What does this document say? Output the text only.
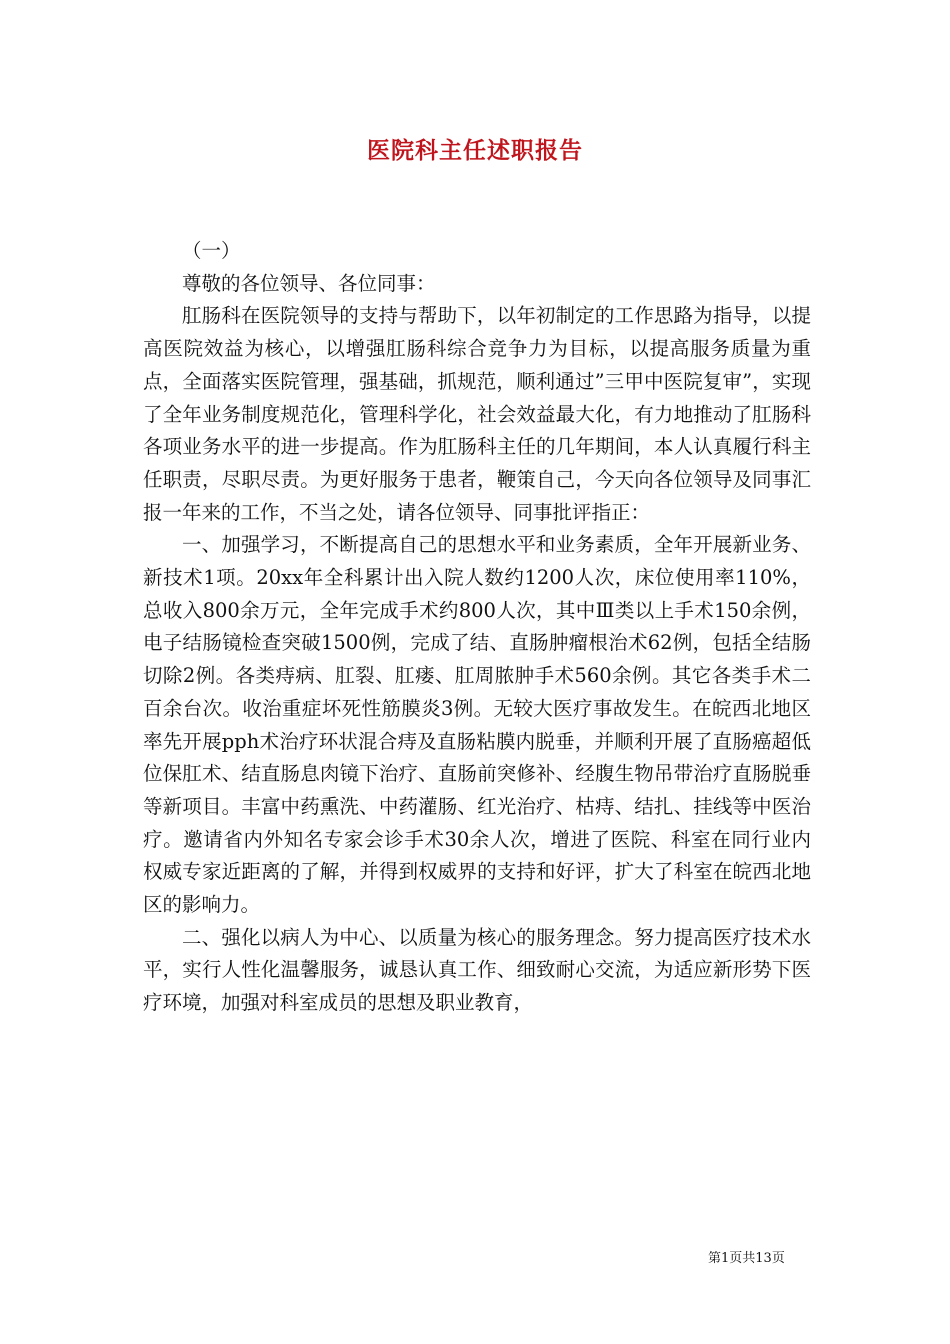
医院科主任述职报告

（一）

尊敬的各位领导、各位同事：

肛肠科在医院领导的支持与帮助下，以年初制定的工作思路为指导，以提高医院效益为核心，以增强肛肠科综合竞争力为目标，以提高服务质量为重点，全面落实医院管理，强基础，抓规范，顺利通过”三甲中医院复审”，实现了全年业务制度规范化，管理科学化，社会效益最大化，有力地推动了肛肠科各项业务水平的进一步提高。作为肛肠科主任的几年期间，本人认真履行科主任职责，尽职尽责。为更好服务于患者，鞭策自己，今天向各位领导及同事汇报一年来的工作，不当之处，请各位领导、同事批评指正：

一、加强学习，不断提高自己的思想水平和业务素质，全年开展新业务、新技术1项。20xx年全科累计出入院人数约1200人次，床位使用率110%，总收入800余万元，全年完成手术约800人次，其中Ⅲ类以上手术150余例，电子结肠镜检查突破1500例，完成了结、直肠肿瘤根治术62例，包括全结肠切除2例。各类痔病、肛裂、肛瘘、肛周脓肿手术560余例。其它各类手术二百余台次。收治重症坏死性筋膜炎3例。无较大医疗事故发生。在皖西北地区率先开展pph术治疗环状混合痔及直肠粘膜内脱垂，并顺利开展了直肠癌超低位保肛术、结直肠息肉镜下治疗、直肠前突修补、经腹生物吊带治疗直肠脱垂等新项目。丰富中药熏洗、中药灌肠、红光治疗、枯痔、结扎、挂线等中医治疗。邀请省内外知名专家会诊手术30余人次，增进了医院、科室在同行业内权威专家近距离的了解，并得到权威界的支持和好评，扩大了科室在皖西北地区的影响力。

二、强化以病人为中心、以质量为核心的服务理念。努力提高医疗技术水平，实行人性化温馨服务，诚恳认真工作、细致耐心交流，为适应新形势下医疗环境，加强对科室成员的思想及职业教育，

第1页共13页
